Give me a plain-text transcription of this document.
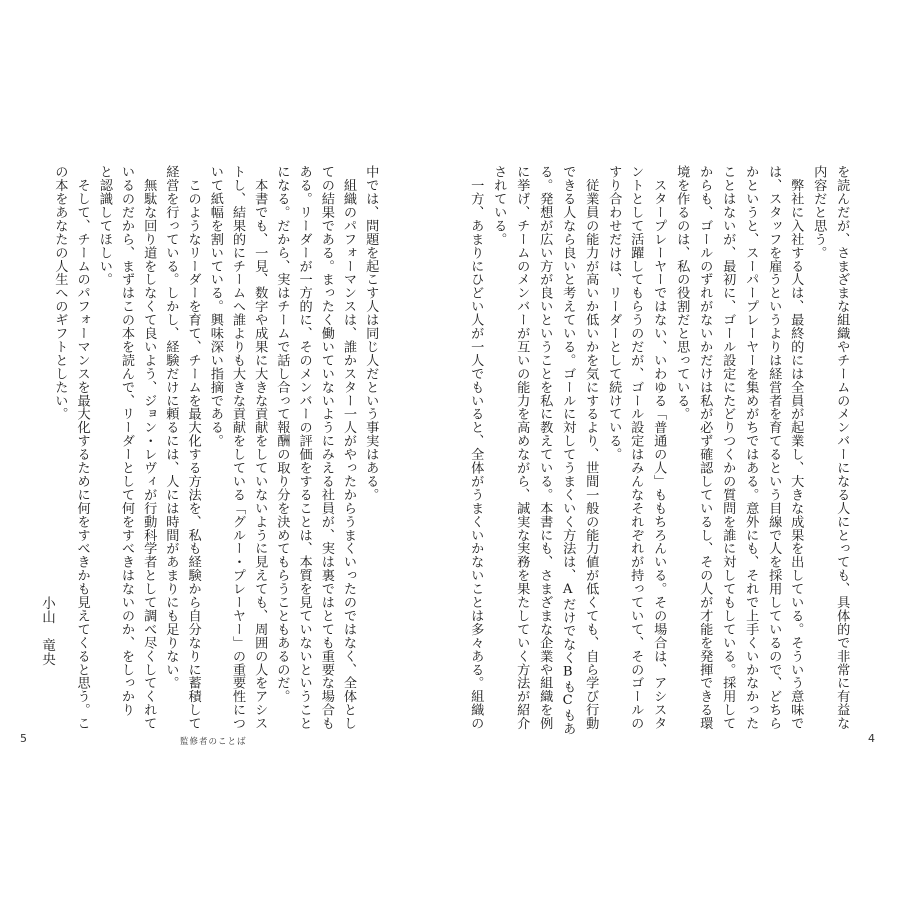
を読んだが、さまざまな組織やチームのメンバーになる人にとっても、具体的で非常に有益な
内容だと思う。
　弊社に入社する人は、最終的には全員が起業し、大きな成果を出している。そういう意味で
は、スタッフを雇うというよりは経営者を育てるという目線で人を採用しているので、どちら
かというと、スーパープレーヤーを集めがちではある。意外にも、それで上手くいかなかった
ことはないが、最初に、ゴール設定にたどりつくかの質問を誰に対してもしている。採用して
からも、ゴールのずれがないかだけは私が必ず確認しているし、その人が才能を発揮できる環
境を作るのは、私の役割だと思っている。
　スタープレーヤーではない、いわゆる「普通の人」ももちろんいる。その場合は、アシスタ
ントとして活躍してもらうのだが、ゴール設定はみんなそれぞれが持っていて、そのゴールの
すり合わせだけは、リーダーとして続けている。
　従業員の能力が高いか低いかを気にするより、世間一般の能力値が低くても、自ら学び行動
できる人なら良いと考えている。ゴールに対してうまくいく方法は、AだけでなくBもCもあ
る。発想が広い方が良いということを私に教えている。本書にも、さまざまな企業や組織を例
に挙げ、チームのメンバーが互いの能力を高めながら、誠実な実務を果たしていく方法が紹介
されている。
　一方、あまりにひどい人が一人でもいると、全体がうまくいかないことは多々ある。組織の
小山　竜央
5	監修者のことば	4
中では、問題を起こす人は同じ人だという事実はある。
　組織のパフォーマンスは、誰かスター一人がやったからうまくいったのではなく、全体とし
ての結果である。まったく働いていないようにみえる社員が、実は裏ではとても重要な場合も
ある。リーダーが一方的に、そのメンバーの評価をすることは、本質を見ていないということ
になる。だから、実はチームで話し合って報酬の取り分を決めてもらうこともあるのだ。
　本書でも、一見、数字や成果に大きな貢献をしていないように見えても、周囲の人をアシス
トし、結果的にチームへ誰よりも大きな貢献をしている「グルー・プレーヤー」の重要性につ
いて紙幅を割いている。興味深い指摘である。
　このようなリーダーを育て、チームを最大化する方法を、私も経験から自分なりに蓄積して
経営を行っている。しかし、経験だけに頼るには、人には時間があまりにも足りない。
　無駄な回り道をしなくて良いよう、ジョン・レヴィが行動科学者として調べ尽くしてくれて
いるのだから、まずはこの本を読んで、リーダーとして何をすべきはないのか、をしっかり
と認識してほしい。
　そして、チームのパフォーマンスを最大化するために何をすべきかも見えてくると思う。こ
の本をあなたの人生へのギフトとしたい。
